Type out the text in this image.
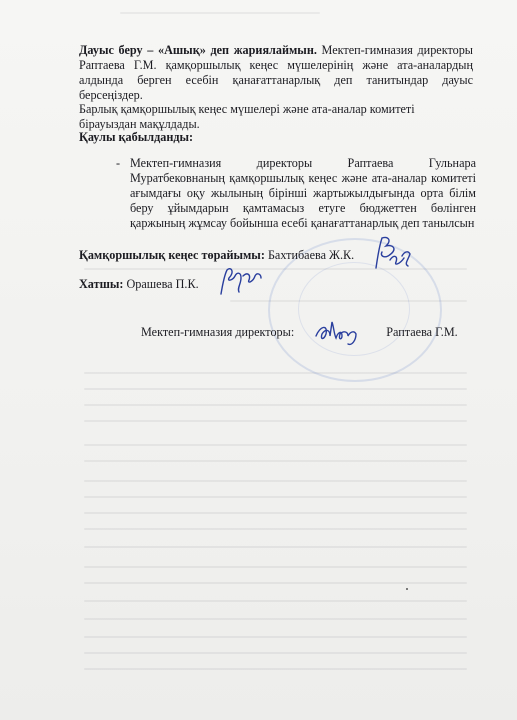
Дауыс беру – «Ашық» деп жариялаймын. Мектеп-гимназия директоры Раптаева Г.М. қамқоршылық кеңес мүшелерінің және ата-аналардың алдында берген есебін қанағаттанарлық деп танитындар дауыс берсеңіздер.
Барлық қамқоршылық кеңес мүшелері және ата-аналар комитеті бірауыздан мақұлдады.
Қаулы қабылданды:
- Мектеп-гимназия директоры Раптаева Гульнара Муратбековнаның қамқоршылық кеңес және ата-аналар комитеті ағымдағы оқу жылының бірінші жартыжылдығында орта білім беру ұйымдарын қамтамасыз етуге бюджеттен бөлінген қаржының жұмсау бойынша есебі қанағаттанарлық деп танылсын
Қамқоршылық кеңес төрайымы: Бахтибаева Ж.К.
Хатшы: Орашева П.К.
Мектеп-гимназия директоры:	Раптаева Г.М.
